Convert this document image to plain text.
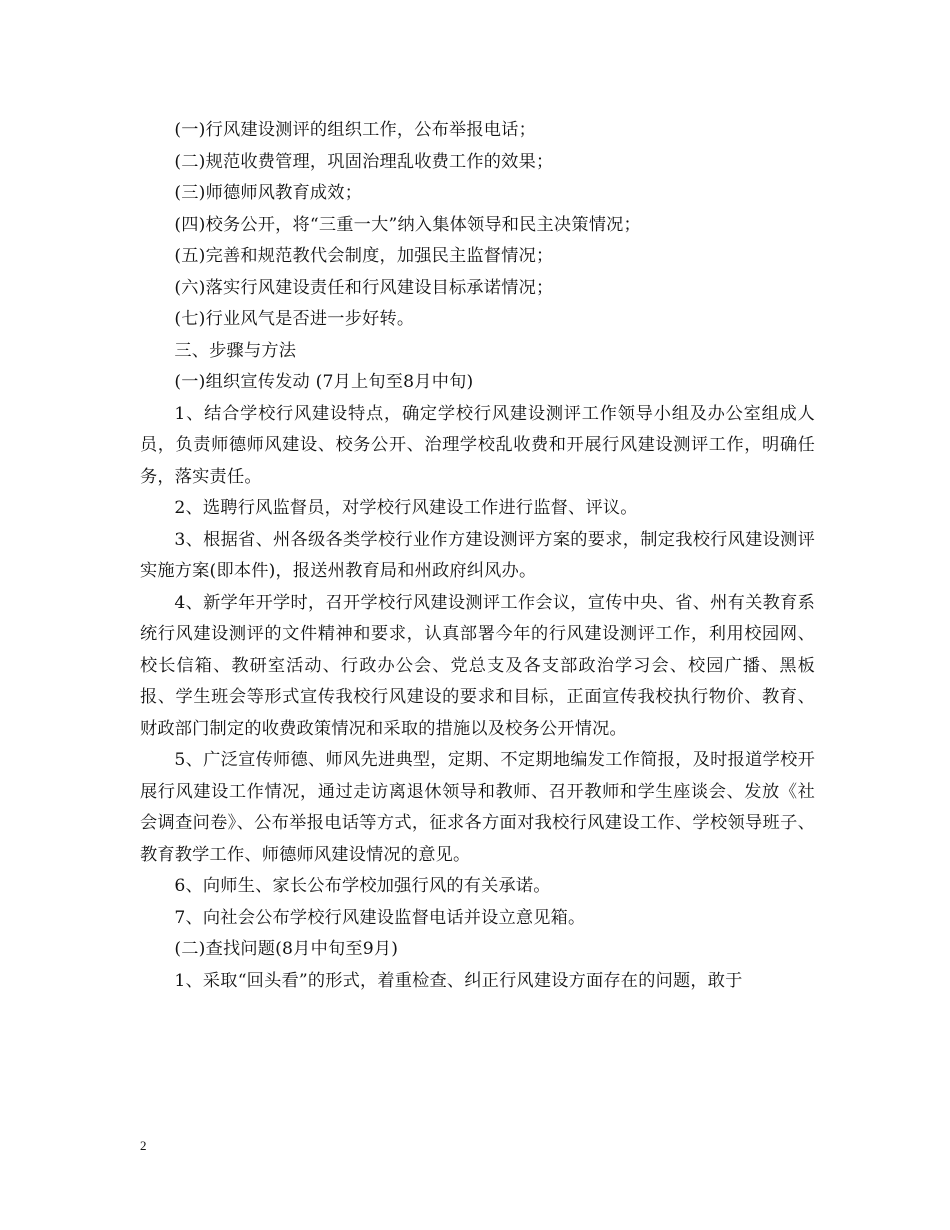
(一)行风建设测评的组织工作，公布举报电话；

(二)规范收费管理，巩固治理乱收费工作的效果；

(三)师德师风教育成效；

(四)校务公开，将“三重一大”纳入集体领导和民主决策情况；

(五)完善和规范教代会制度，加强民主监督情况；

(六)落实行风建设责任和行风建设目标承诺情况；

(七)行业风气是否进一步好转。

三、步骤与方法

(一)组织宣传发动 (7月上旬至8月中旬)

1、结合学校行风建设特点，确定学校行风建设测评工作领导小组及办公室组成人员，负责师德师风建设、校务公开、治理学校乱收费和开展行风建设测评工作，明确任务，落实责任。

2、选聘行风监督员，对学校行风建设工作进行监督、评议。

3、根据省、州各级各类学校行业作方建设测评方案的要求，制定我校行风建设测评实施方案(即本件)，报送州教育局和州政府纠风办。

4、新学年开学时，召开学校行风建设测评工作会议，宣传中央、省、州有关教育系统行风建设测评的文件精神和要求，认真部署今年的行风建设测评工作，利用校园网、校长信箱、教研室活动、行政办公会、党总支及各支部政治学习会、校园广播、黑板报、学生班会等形式宣传我校行风建设的要求和目标，正面宣传我校执行物价、教育、财政部门制定的收费政策情况和采取的措施以及校务公开情况。

5、广泛宣传师德、师风先进典型，定期、不定期地编发工作简报，及时报道学校开展行风建设工作情况，通过走访离退休领导和教师、召开教师和学生座谈会、发放《社会调查问卷》、公布举报电话等方式，征求各方面对我校行风建设工作、学校领导班子、教育教学工作、师德师风建设情况的意见。

6、向师生、家长公布学校加强行风的有关承诺。

7、向社会公布学校行风建设监督电话并设立意见箱。

(二)查找问题(8月中旬至9月)

1、采取“回头看”的形式，着重检查、纠正行风建设方面存在的问题，敢于

2
